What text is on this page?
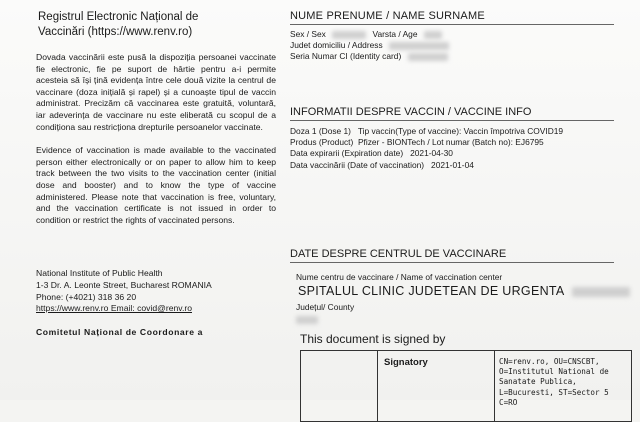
Registrul Electronic Național de
Vaccinări (https://www.renv.ro)
Dovada vaccinării este pusă la dispoziția persoanei vaccinate fie electronic, fie pe suport de hârtie pentru a-i permite acesteia să își țină evidența între cele două vizite la centrul de vaccinare (doza inițială și rapel) și a cunoaște tipul de vaccin administrat. Precizăm că vaccinarea este gratuită, voluntară, iar adeverința de vaccinare nu este eliberată cu scopul de a condiționa sau restricționa drepturile persoanelor vaccinate.
Evidence of vaccination is made available to the vaccinated person either electronically or on paper to allow him to keep track between the two visits to the vaccination center (initial dose and booster) and to know the type of vaccine administered. Please note that vaccination is free, voluntary, and the vaccination certificate is not issued in order to condition or restrict the rights of vaccinated persons.
National Institute of Public Health
1-3 Dr. A. Leonte Street, Bucharest ROMANIA
Phone: (+4021) 318 36 20
https://www.renv.ro Email: covid@renv.ro
Comitetul Național de Coordonare a
NUME PRENUME / NAME SURNAME
Sex / Sex	Varsta / Age
Judet domiciliu / Address
Seria Numar CI (Identity card)
INFORMATII DESPRE VACCIN / VACCINE INFO
Doza 1 (Dose 1) Tip vaccin(Type of vaccine): Vaccin împotriva COVID19
Produs (Product) Pfizer - BIONTech / Lot numar (Batch no): EJ6795
Data expirarii (Expiration date) 2021-04-30
Data vaccinării (Date of vaccination) 2021-01-04
DATE DESPRE CENTRUL DE VACCINARE
Nume centru de vaccinare / Name of vaccination center
SPITALUL CLINIC JUDETEAN DE URGENTA
Județul/ County
This document is signed by
Signatory	CN=renv.ro, OU=CNSCBT,
O=Institutul National de
Sanatate Publica,
L=Bucuresti, ST=Sector 5
C=RO
